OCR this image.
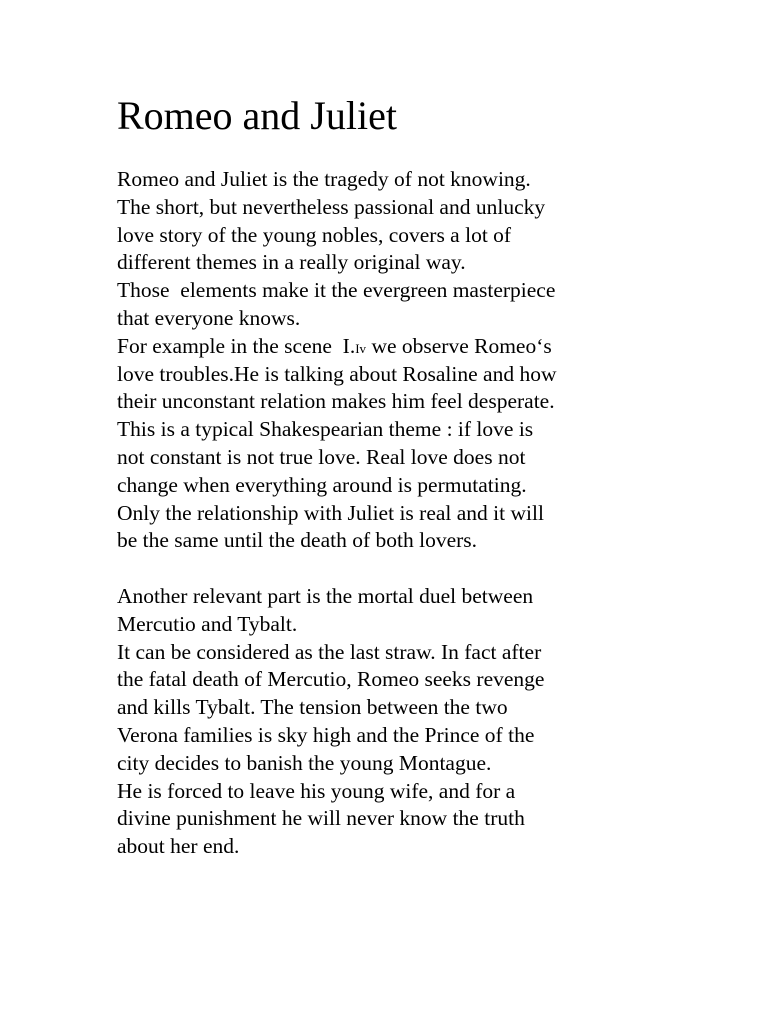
Romeo and Juliet
Romeo and Juliet is the tragedy of not knowing.
The short, but nevertheless passional and unlucky
love story of the young nobles, covers a lot of
different themes in a really original way.
Those  elements make it the evergreen masterpiece
that everyone knows.
For example in the scene  I.Iv we observe Romeo‘s
love troubles.He is talking about Rosaline and how
their unconstant relation makes him feel desperate.
This is a typical Shakespearian theme : if love is
not constant is not true love. Real love does not
change when everything around is permutating.
Only the relationship with Juliet is real and it will
be the same until the death of both lovers.
Another relevant part is the mortal duel between
Mercutio and Tybalt.
It can be considered as the last straw. In fact after
the fatal death of Mercutio, Romeo seeks revenge
and kills Tybalt. The tension between the two
Verona families is sky high and the Prince of the
city decides to banish the young Montague.
He is forced to leave his young wife, and for a
divine punishment he will never know the truth
about her end.
